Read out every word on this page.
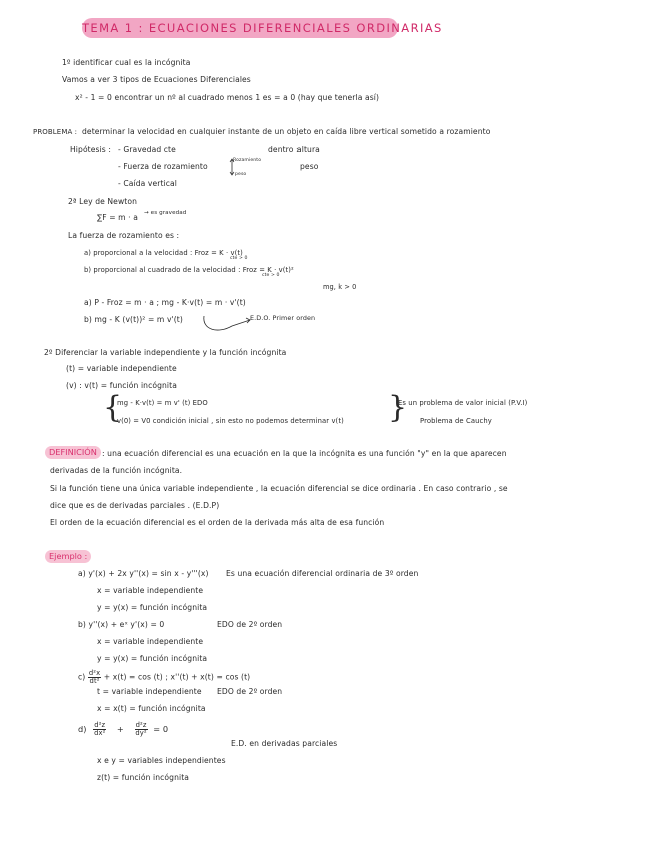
TEMA 1 : ECUACIONES DIFERENCIALES ORDINARIAS
1º identificar cual es la incógnita
Vamos a ver 3 tipos de Ecuaciones Diferenciales
x² - 1 = 0 encontrar un nº al cuadrado menos 1 es = a 0 (hay que tenerla así)
PROBLEMA : determinar la velocidad en cualquier instante de un objeto en caída libre vertical sometido a rozamiento
Hipótesis : - Gravedad cte	dentro :
altura
- Fuerza de rozamiento
Rozamiento
peso
peso
- Caída vertical
2ª Ley de Newton
∑F = m · a → es gravedad
La fuerza de rozamiento es :
a) proporcional a la velocidad : Froz = K · v(t)
cte > 0
b) proporcional al cuadrado de la velocidad : Froz = K · v(t)²
cte > 0
mg, k > 0
a) P - Froz = m · a ; mg - K·v(t) = m · v'(t)
b) mg - K (v(t))² = m v'(t)	E.D.O. Primer orden
2º Diferenciar la variable independiente y la función incógnita
(t) = variable independiente
(v) : v(t) = función incógnita
{
mg - K·v(t) = m v' (t) EDO
v(0) = V0 condición inicial , sin esto no podemos determinar v(t) }
Es un problema de valor inicial (P.V.I)
Problema de Cauchy
DEFINICIÓN : una ecuación diferencial es una ecuación en la que la incógnita es una función "y" en la que aparecen
derivadas de la función incógnita.
Si la función tiene una única variable independiente , la ecuación diferencial se dice ordinaria . En caso contrario , se
dice que es de derivadas parciales . (E.D.P)
El orden de la ecuación diferencial es el orden de la derivada más alta de esa función
Ejemplo :
a) y'(x) + 2x y''(x) = sin x - y'''(x) Es una ecuación diferencial ordinaria de 3º orden
x = variable independiente
y = y(x) = función incógnita
b) y''(x) + eˣ y'(x) = 0	EDO de 2º orden
x = variable independiente
y = y(x) = función incógnita
$c) \frac{\text{d²x}}{\text{dt²}} + x(t) = \cos (t)$ ; x''(t) + x(t) = cos (t)
t = variable independiente EDO de 2º orden
x = x(t) = función incógnita
$d) \frac{\text{d²z}}{\text{dx²}} + \frac{\text{d²z}}{\text{dy²}} = 0$
E.D. en derivadas parciales
x e y = variables independientes
z(t) = función incógnita
